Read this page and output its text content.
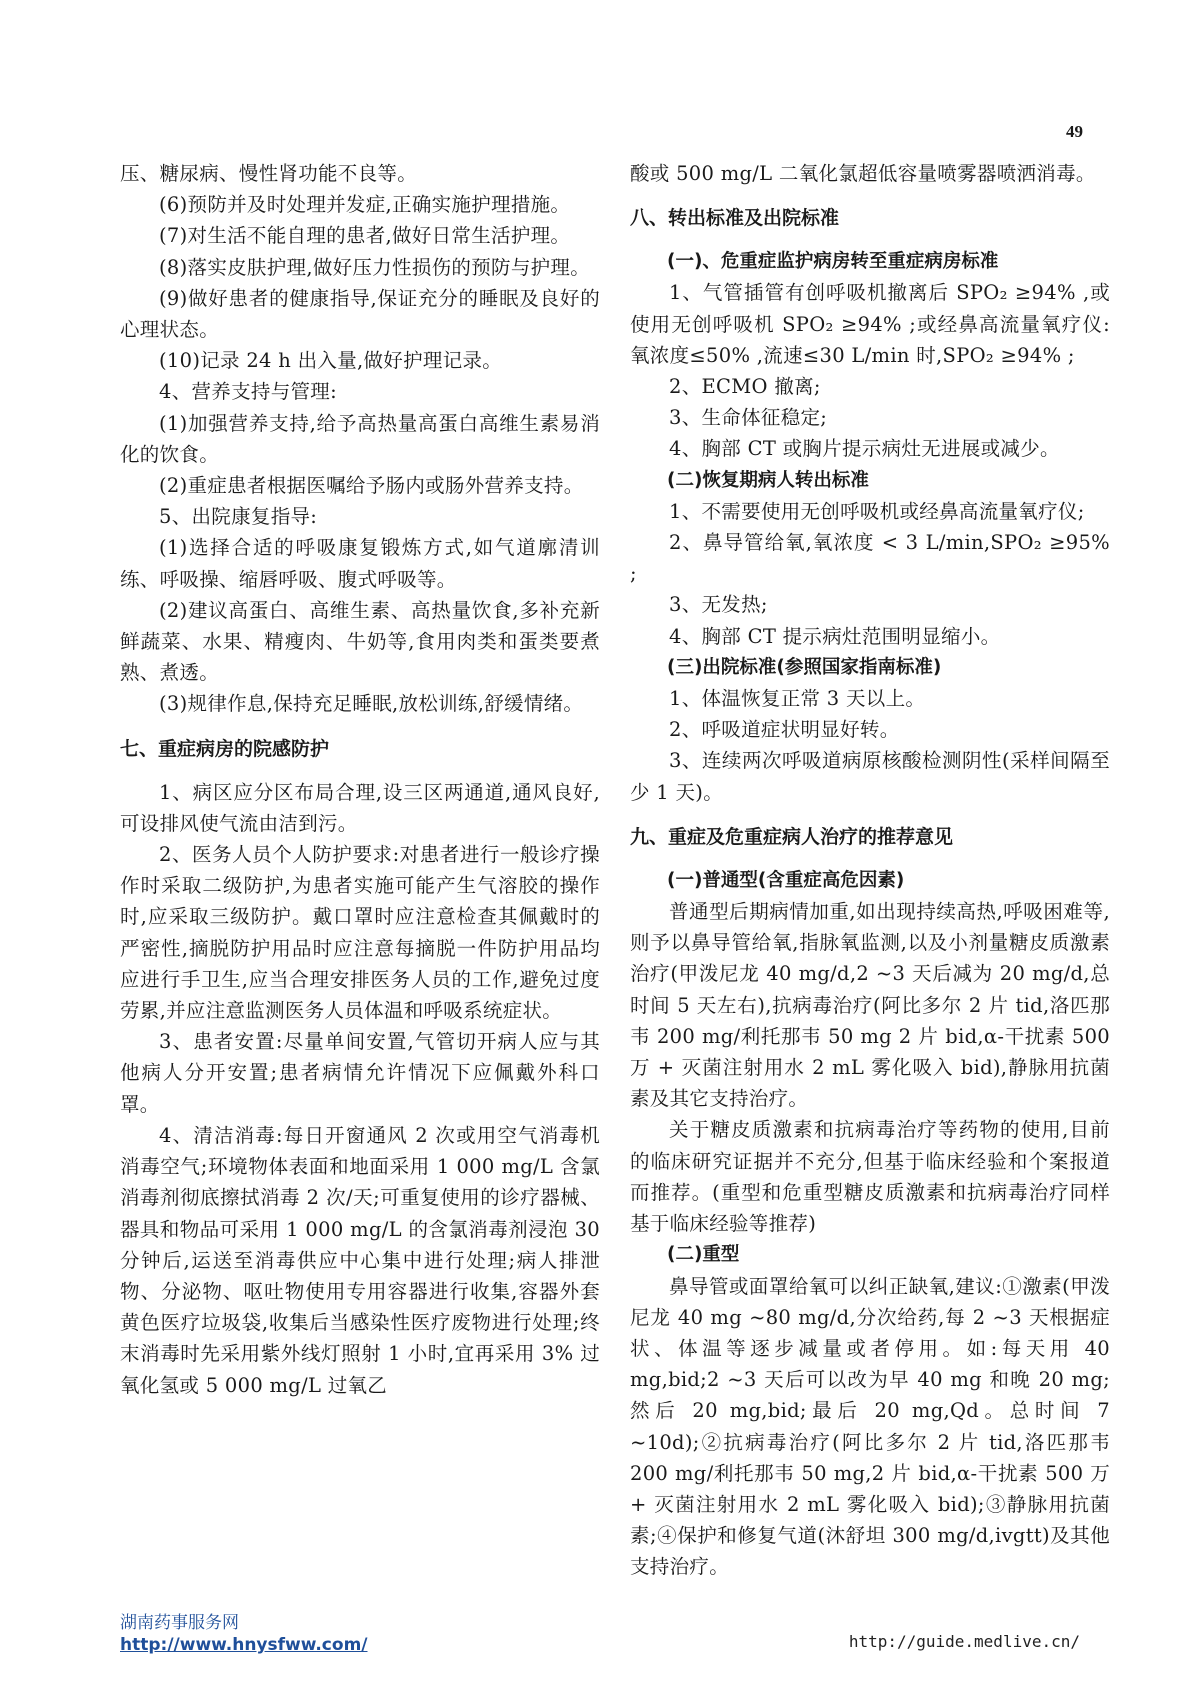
49

压、糖尿病、慢性肾功能不良等。

(6)预防并及时处理并发症,正确实施护理措施。

(7)对生活不能自理的患者,做好日常生活护理。

(8)落实皮肤护理,做好压力性损伤的预防与护理。

(9)做好患者的健康指导,保证充分的睡眠及良好的心理状态。

(10)记录 24 h 出入量,做好护理记录。

4、营养支持与管理:

(1)加强营养支持,给予高热量高蛋白高维生素易消化的饮食。

(2)重症患者根据医嘱给予肠内或肠外营养支持。

5、出院康复指导:

(1)选择合适的呼吸康复锻炼方式,如气道廓清训练、呼吸操、缩唇呼吸、腹式呼吸等。

(2)建议高蛋白、高维生素、高热量饮食,多补充新鲜蔬菜、水果、精瘦肉、牛奶等,食用肉类和蛋类要煮熟、煮透。

(3)规律作息,保持充足睡眠,放松训练,舒缓情绪。

七、重症病房的院感防护

1、病区应分区布局合理,设三区两通道,通风良好,可设排风使气流由洁到污。

2、医务人员个人防护要求:对患者进行一般诊疗操作时采取二级防护,为患者实施可能产生气溶胶的操作时,应采取三级防护。戴口罩时应注意检查其佩戴时的严密性,摘脱防护用品时应注意每摘脱一件防护用品均应进行手卫生,应当合理安排医务人员的工作,避免过度劳累,并应注意监测医务人员体温和呼吸系统症状。

3、患者安置:尽量单间安置,气管切开病人应与其他病人分开安置;患者病情允许情况下应佩戴外科口罩。

4、清洁消毒:每日开窗通风 2 次或用空气消毒机消毒空气;环境物体表面和地面采用 1 000 mg/L 含氯消毒剂彻底擦拭消毒 2 次/天;可重复使用的诊疗器械、器具和物品可采用 1 000 mg/L 的含氯消毒剂浸泡 30 分钟后,运送至消毒供应中心集中进行处理;病人排泄物、分泌物、呕吐物使用专用容器进行收集,容器外套黄色医疗垃圾袋,收集后当感染性医疗废物进行处理;终末消毒时先采用紫外线灯照射 1 小时,宜再采用 3% 过氧化氢或 5 000 mg/L 过氧乙

酸或 500 mg/L 二氧化氯超低容量喷雾器喷洒消毒。

八、转出标准及出院标准
(一)、危重症监护病房转至重症病房标准

1、气管插管有创呼吸机撤离后 SPO₂ ≥94% ,或使用无创呼吸机 SPO₂ ≥94% ;或经鼻高流量氧疗仪:氧浓度≤50% ,流速≤30 L/min 时,SPO₂ ≥94% ;

2、ECMO 撤离;

3、生命体征稳定;

4、胸部 CT 或胸片提示病灶无进展或减少。

(二)恢复期病人转出标准

1、不需要使用无创呼吸机或经鼻高流量氧疗仪;

2、鼻导管给氧,氧浓度 < 3 L/min,SPO₂ ≥95% ;

3、无发热;

4、胸部 CT 提示病灶范围明显缩小。

(三)出院标准(参照国家指南标准)

1、体温恢复正常 3 天以上。

2、呼吸道症状明显好转。

3、连续两次呼吸道病原核酸检测阴性(采样间隔至少 1 天)。

九、重症及危重症病人治疗的推荐意见
(一)普通型(含重症高危因素)

普通型后期病情加重,如出现持续高热,呼吸困难等,则予以鼻导管给氧,指脉氧监测,以及小剂量糖皮质激素治疗(甲泼尼龙 40 mg/d,2 ~3 天后减为 20 mg/d,总时间 5 天左右),抗病毒治疗(阿比多尔 2 片 tid,洛匹那韦 200 mg/利托那韦 50 mg 2 片 bid,α-干扰素 500 万 + 灭菌注射用水 2 mL 雾化吸入 bid),静脉用抗菌素及其它支持治疗。

关于糖皮质激素和抗病毒治疗等药物的使用,目前的临床研究证据并不充分,但基于临床经验和个案报道而推荐。(重型和危重型糖皮质激素和抗病毒治疗同样基于临床经验等推荐)

(二)重型

鼻导管或面罩给氧可以纠正缺氧,建议:①激素(甲泼尼龙 40 mg ~80 mg/d,分次给药,每 2 ~3 天根据症状、体温等逐步减量或者停用。如:每天用 40 mg,bid;2 ~3 天后可以改为早 40 mg 和晚 20 mg;然后 20 mg,bid;最后 20 mg,Qd。总时间 7 ~10d);②抗病毒治疗(阿比多尔 2 片 tid,洛匹那韦 200 mg/利托那韦 50 mg,2 片 bid,α-干扰素 500 万 + 灭菌注射用水 2 mL 雾化吸入 bid);③静脉用抗菌素;④保护和修复气道(沐舒坦 300 mg/d,ivgtt)及其他支持治疗。

湖南药事服务网
http://www.hnysfww.com/	http://guide.medlive.cn/
